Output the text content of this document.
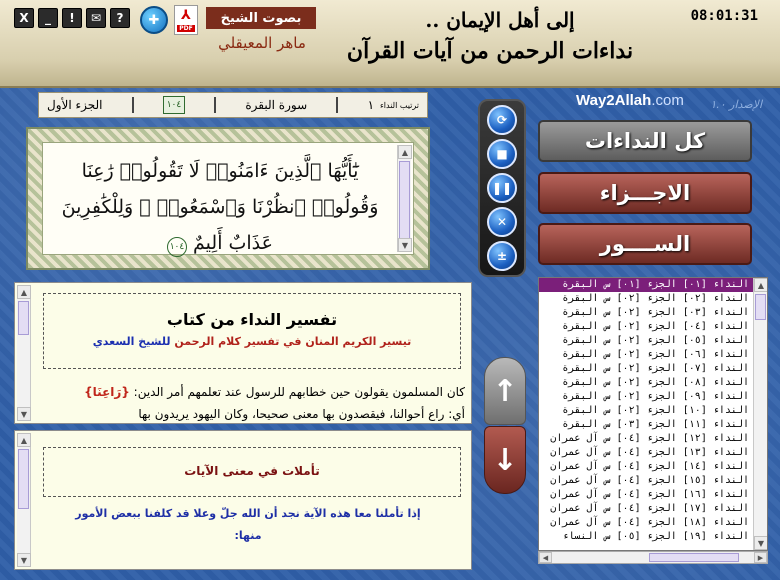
X	_	!	✉	?	✚	⅄
PDF
بصوت الشيخ
ماهر المعيقلي
إلى أهل الإيمان ..
نداءات الرحمن من آيات القرآن
08:01:31
الإصدار ١.٠
الجزء الأول	١٠٤	سورة البقرة	١ ترتيب النداء
يَٰٓأَيُّهَا ٱلَّذِينَ ءَامَنُوا۟ لَا تَقُولُوا۟ رَٰعِنَا وَقُولُوا۟ ٱنظُرْنَا وَٱسْمَعُوا۟ ۗ وَلِلْكَٰفِرِينَ عَذَابٌ أَلِيمٌ ١٠٤
▲
▼
⟳
■
❚❚
✕
±
Way2Allah.com
كل النداءات
الاجـــزاء
الســــور
تفسير النداء من كتاب
تيسير الكريم المنان في تفسير كلام الرحمن للشيخ السعدي
كان المسلمون يقولون حين خطابهم للرسول عند تعلمهم أمر الدين: {رَاعِنَا}
أي: راع أحوالنا، فيقصدون بها معنى صحيحا، وكان اليهود يريدون بها
▲
▼
تأملات في معنى الآيات
إذا تأملنا معا هذه الآية نجد أن الله جلّ وعلا قد كلفنا ببعض الأمور
منها:
▲
▼
↑
↓
النداء [٠١] الجزء [٠١] س البقرة
النداء [٠٢] الجزء [٠٢] س البقرة
النداء [٠٣] الجزء [٠٢] س البقرة
النداء [٠٤] الجزء [٠٢] س البقرة
النداء [٠٥] الجزء [٠٢] س البقرة
النداء [٠٦] الجزء [٠٢] س البقرة
النداء [٠٧] الجزء [٠٢] س البقرة
النداء [٠٨] الجزء [٠٢] س البقرة
النداء [٠٩] الجزء [٠٢] س البقرة
النداء [١٠] الجزء [٠٢] س البقرة
النداء [١١] الجزء [٠٣] س البقرة
النداء [١٢] الجزء [٠٤] س آل عمران
النداء [١٣] الجزء [٠٤] س آل عمران
النداء [١٤] الجزء [٠٤] س آل عمران
النداء [١٥] الجزء [٠٤] س آل عمران
النداء [١٦] الجزء [٠٤] س آل عمران
النداء [١٧] الجزء [٠٤] س آل عمران
النداء [١٨] الجزء [٠٤] س آل عمران
النداء [١٩] الجزء [٠٥] س النساء
▲
▼
◀	▶
